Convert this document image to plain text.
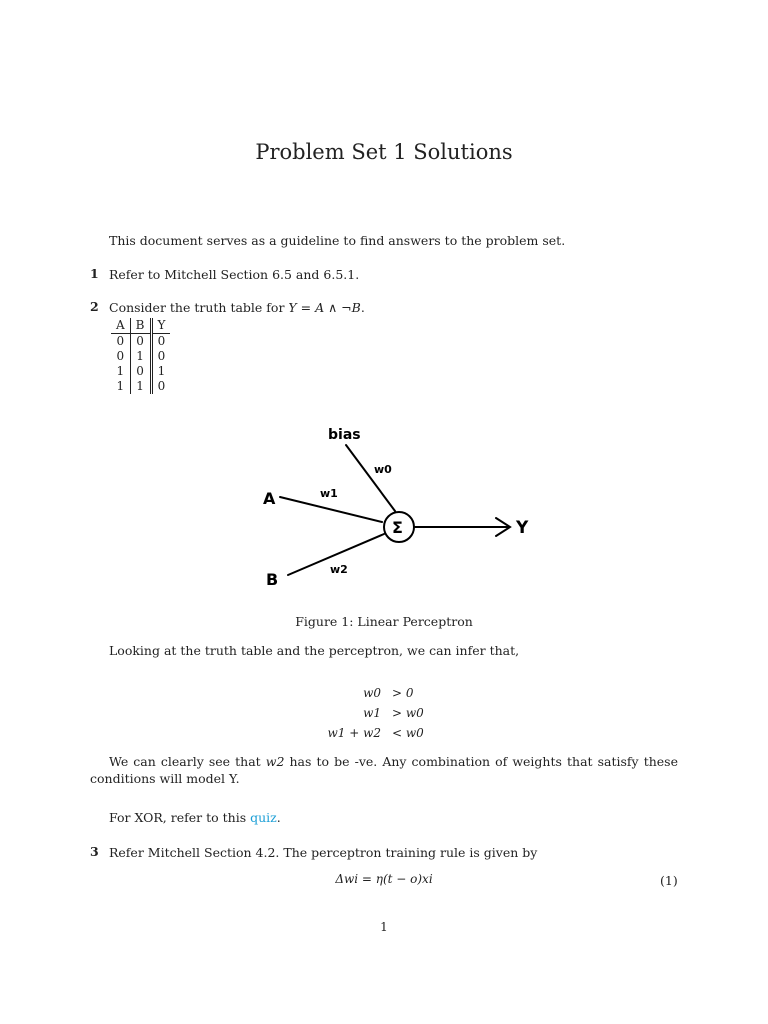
Problem Set 1 Solutions
This document serves as a guideline to find answers to the problem set.
1 Refer to Mitchell Section 6.5 and 6.5.1.
2 Consider the truth table for Y = A ∧ ¬B.
A	B	Y
0	0	0
0	1	0
1	0	1
1	1	0
bias
w0
A	w1
Σ	Y
B
w2
Figure 1: Linear Perceptron
Looking at the truth table and the perceptron, we can infer that,
w0 > 0
w1 > w0
w1 + w2 < w0
We can clearly see that w2 has to be -ve. Any combination of weights that satisfy these conditions will model Y.
For XOR, refer to this quiz.
3 Refer Mitchell Section 4.2. The perceptron training rule is given by
Δwi = η(t − o)xi	(1)
1
